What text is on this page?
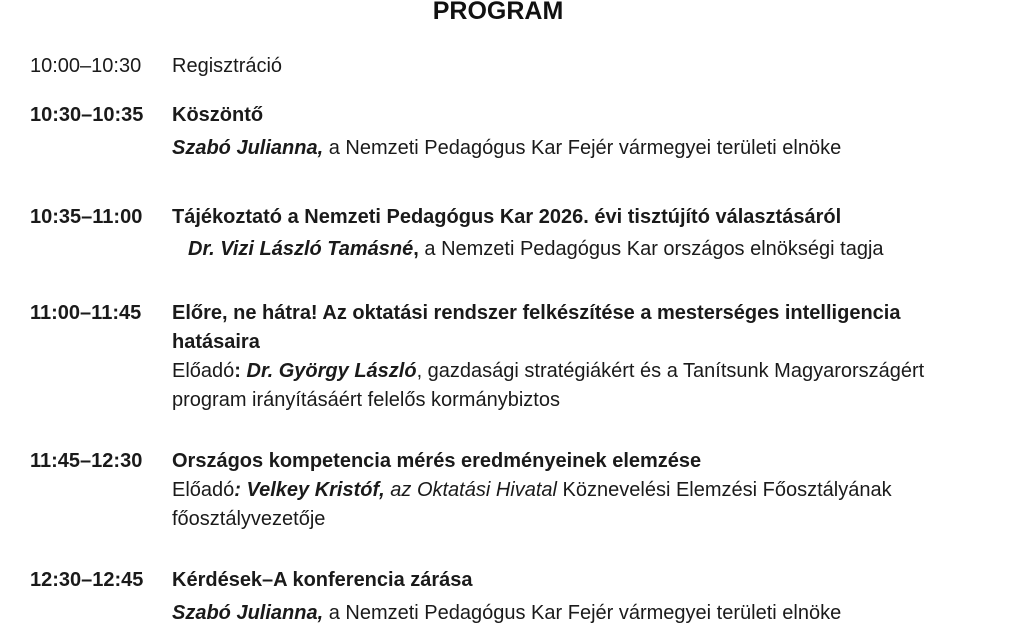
PROGRAM
10:00–10:30	Regisztráció
10:30–10:35	Köszöntő
Szabó Julianna, a Nemzeti Pedagógus Kar Fejér vármegyei területi elnöke
10:35–11:00	Tájékoztató a Nemzeti Pedagógus Kar 2026. évi tisztújító választásáról
Dr. Vizi László Tamásné, a Nemzeti Pedagógus Kar országos elnökségi tagja
11:00–11:45	Előre, ne hátra! Az oktatási rendszer felkészítése a mesterséges intelligencia hatásaira
Előadó: Dr. György László, gazdasági stratégiákért és a Tanítsunk Magyarországért program irányításáért felelős kormánybiztos
11:45–12:30	Országos kompetencia mérés eredményeinek elemzése
Előadó: Velkey Kristóf, az Oktatási Hivatal Köznevelési Elemzési Főosztályának főosztályvezetője
12:30–12:45	Kérdések–A konferencia zárása
Szabó Julianna, a Nemzeti Pedagógus Kar Fejér vármegyei területi elnöke
